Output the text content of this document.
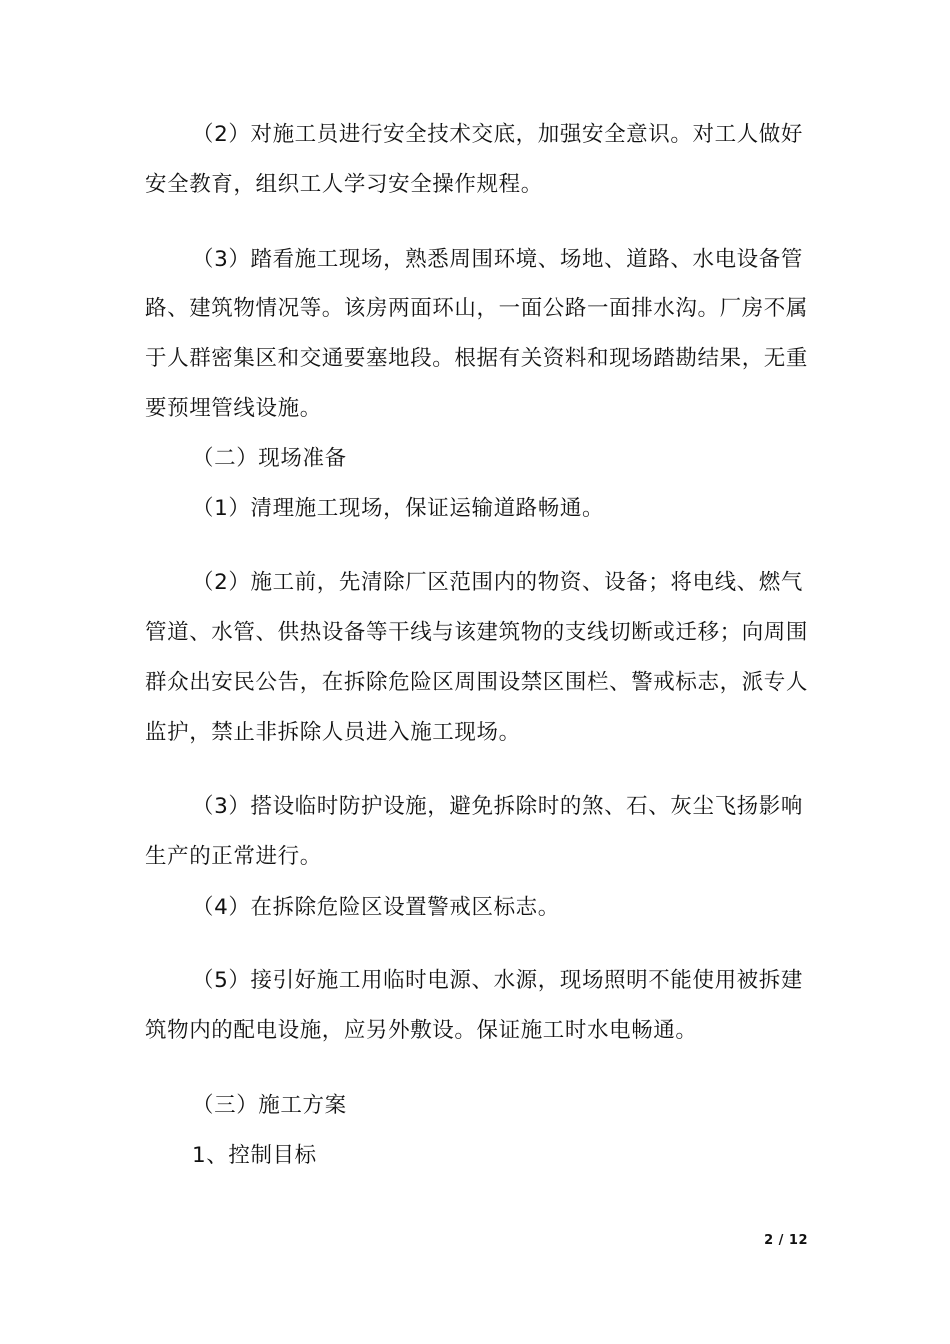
（2）对施工员进行安全技术交底，加强安全意识。对工人做好
安全教育，组织工人学习安全操作规程。
（3）踏看施工现场，熟悉周围环境、场地、道路、水电设备管
路、建筑物情况等。该房两面环山，一面公路一面排水沟。厂房不属
于人群密集区和交通要塞地段。根据有关资料和现场踏勘结果，无重
要预埋管线设施。
（二）现场准备
（1）清理施工现场，保证运输道路畅通。
（2）施工前，先清除厂区范围内的物资、设备；将电线、燃气
管道、水管、供热设备等干线与该建筑物的支线切断或迁移；向周围
群众出安民公告，在拆除危险区周围设禁区围栏、警戒标志，派专人
监护，禁止非拆除人员进入施工现场。
（3）搭设临时防护设施，避免拆除时的煞、石、灰尘飞扬影响
生产的正常进行。
（4）在拆除危险区设置警戒区标志。
（5）接引好施工用临时电源、水源，现场照明不能使用被拆建
筑物内的配电设施，应另外敷设。保证施工时水电畅通。
（三）施工方案
1、控制目标
2 / 12
